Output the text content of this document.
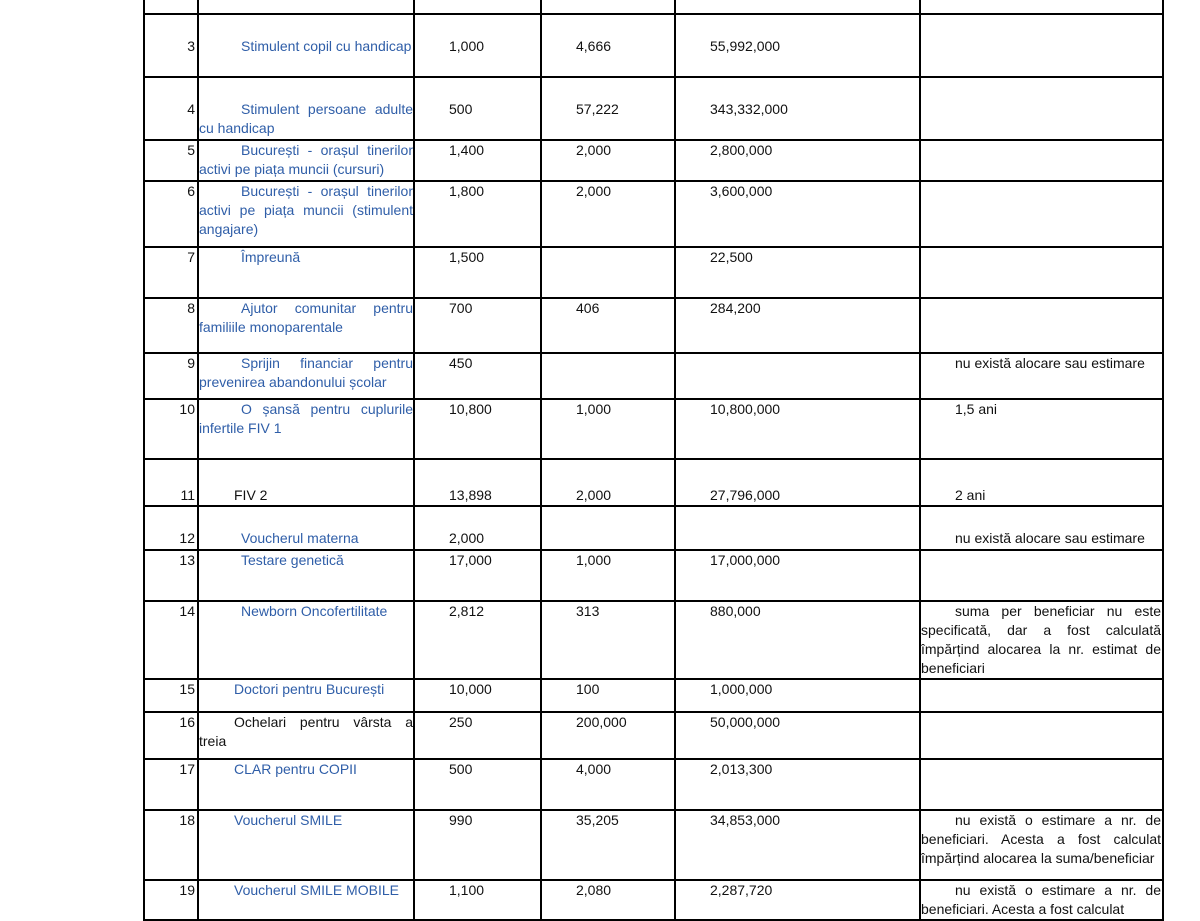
3	Stimulent copil cu handicap	1,000	4,666	55,992,000	

4	Stimulent persoane adulte cu handicap	500	57,222	343,332,000	

5	București - orașul tinerilor activi pe piața muncii (cursuri)	1,400	2,000	2,800,000	

6	București - orașul tinerilor activi pe piața muncii (stimulent angajare)	1,800	2,000	3,600,000	

7	Împreună	1,500		22,500	

8	Ajutor comunitar pentru familiile monoparentale	700	406	284,200	

9	Sprijin financiar pentru prevenirea abandonului școlar	450			nu există alocare sau estimare

10	O șansă pentru cuplurile infertile FIV 1	10,800	1,000	10,800,000	1,5 ani

11	FIV 2	13,898	2,000	27,796,000	2 ani

12	Voucherul materna	2,000			nu există alocare sau estimare

13	Testare genetică	17,000	1,000	17,000,000	

14	Newborn Oncofertilitate	2,812	313	880,000	suma per beneficiar nu este specificată, dar a fost calculată împărțind alocarea la nr. estimat de beneficiari

15	Doctori pentru București	10,000	100	1,000,000	

16	Ochelari pentru vârsta a treia	250	200,000	50,000,000	

17	CLAR pentru COPII	500	4,000	2,013,300	

18	Voucherul SMILE	990	35,205	34,853,000	nu există o estimare a nr. de beneficiari. Acesta a fost calculat împărțind alocarea la suma/beneficiar

19	Voucherul SMILE MOBILE	1,100	2,080	2,287,720	nu există o estimare a nr. de beneficiari. Acesta a fost calculat
